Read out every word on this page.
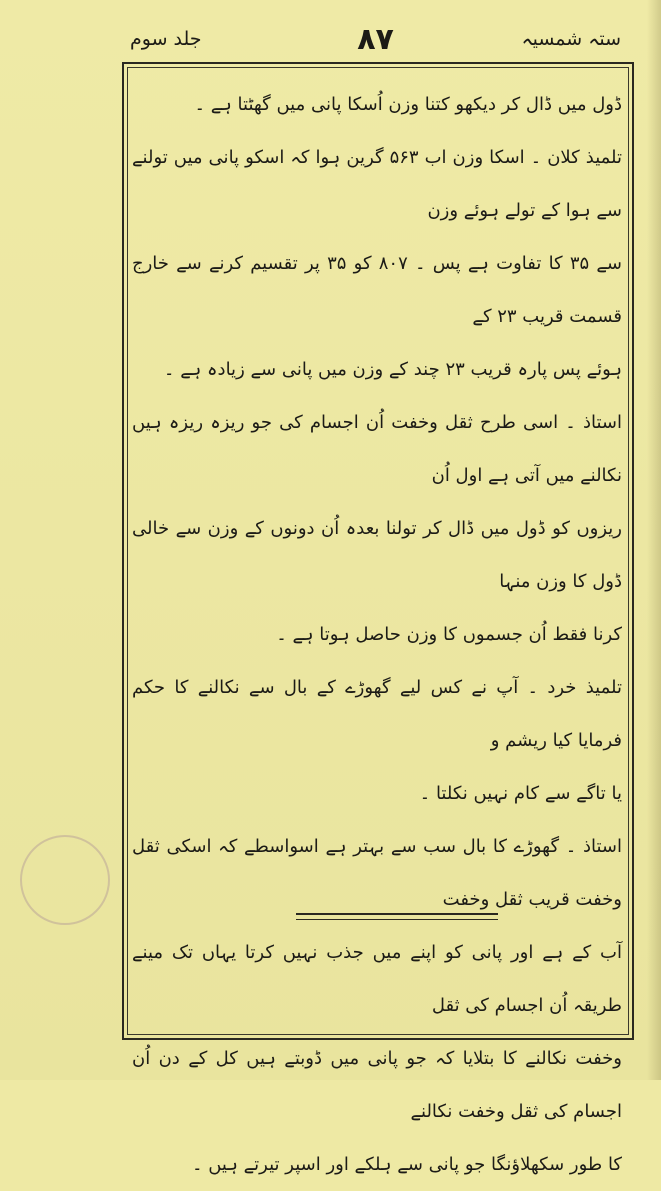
جلد سوم	۸۷	ستہ شمسیہ

ڈول میں ڈال کر دیکھو کتنا وزن اُسکا پانی میں گھٹتا ہے ۔

تلمیذ کلان ۔ اسکا وزن اب ۵۶۳ گرین ہوا کہ اسکو پانی میں تولنے سے ہوا کے تولے ہوئے وزن

سے ۳۵ کا تفاوت ہے پس ۔ ۸۰۷ کو ۳۵ پر تقسیم کرنے سے خارج قسمت قریب ۲۳ کے

ہوئے پس پارہ قریب ۲۳ چند کے وزن میں پانی سے زیادہ ہے ۔

استاذ ۔ اسی طرح ثقل وخفت اُن اجسام کی جو ریزہ ریزہ ہیں نکالنے میں آتی ہے اول اُن

ریزوں کو ڈول میں ڈال کر تولنا بعدہ اُن دونوں کے وزن سے خالی ڈول کا وزن منہا

کرنا فقط اُن جسموں کا وزن حاصل ہوتا ہے ۔

تلمیذ خرد ۔ آپ نے کس لیے گھوڑے کے بال سے نکالنے کا حکم فرمایا کیا ریشم و

یا تاگے سے کام نہیں نکلتا ۔

استاذ ۔ گھوڑے کا بال سب سے بہتر ہے اسواسطے کہ اسکی ثقل وخفت قریب ثقل وخفت

آب کے ہے اور پانی کو اپنے میں جذب نہیں کرتا یہاں تک مینے طریقہ اُن اجسام کی ثقل

وخفت نکالنے کا بتلایا کہ جو پانی میں ڈوبتے ہیں کل کے دن اُن اجسام کی ثقل وخفت نکالنے

کا طور سکھلاؤنگا جو پانی سے ہلکے اور اسپر تیرتے ہیں ۔
